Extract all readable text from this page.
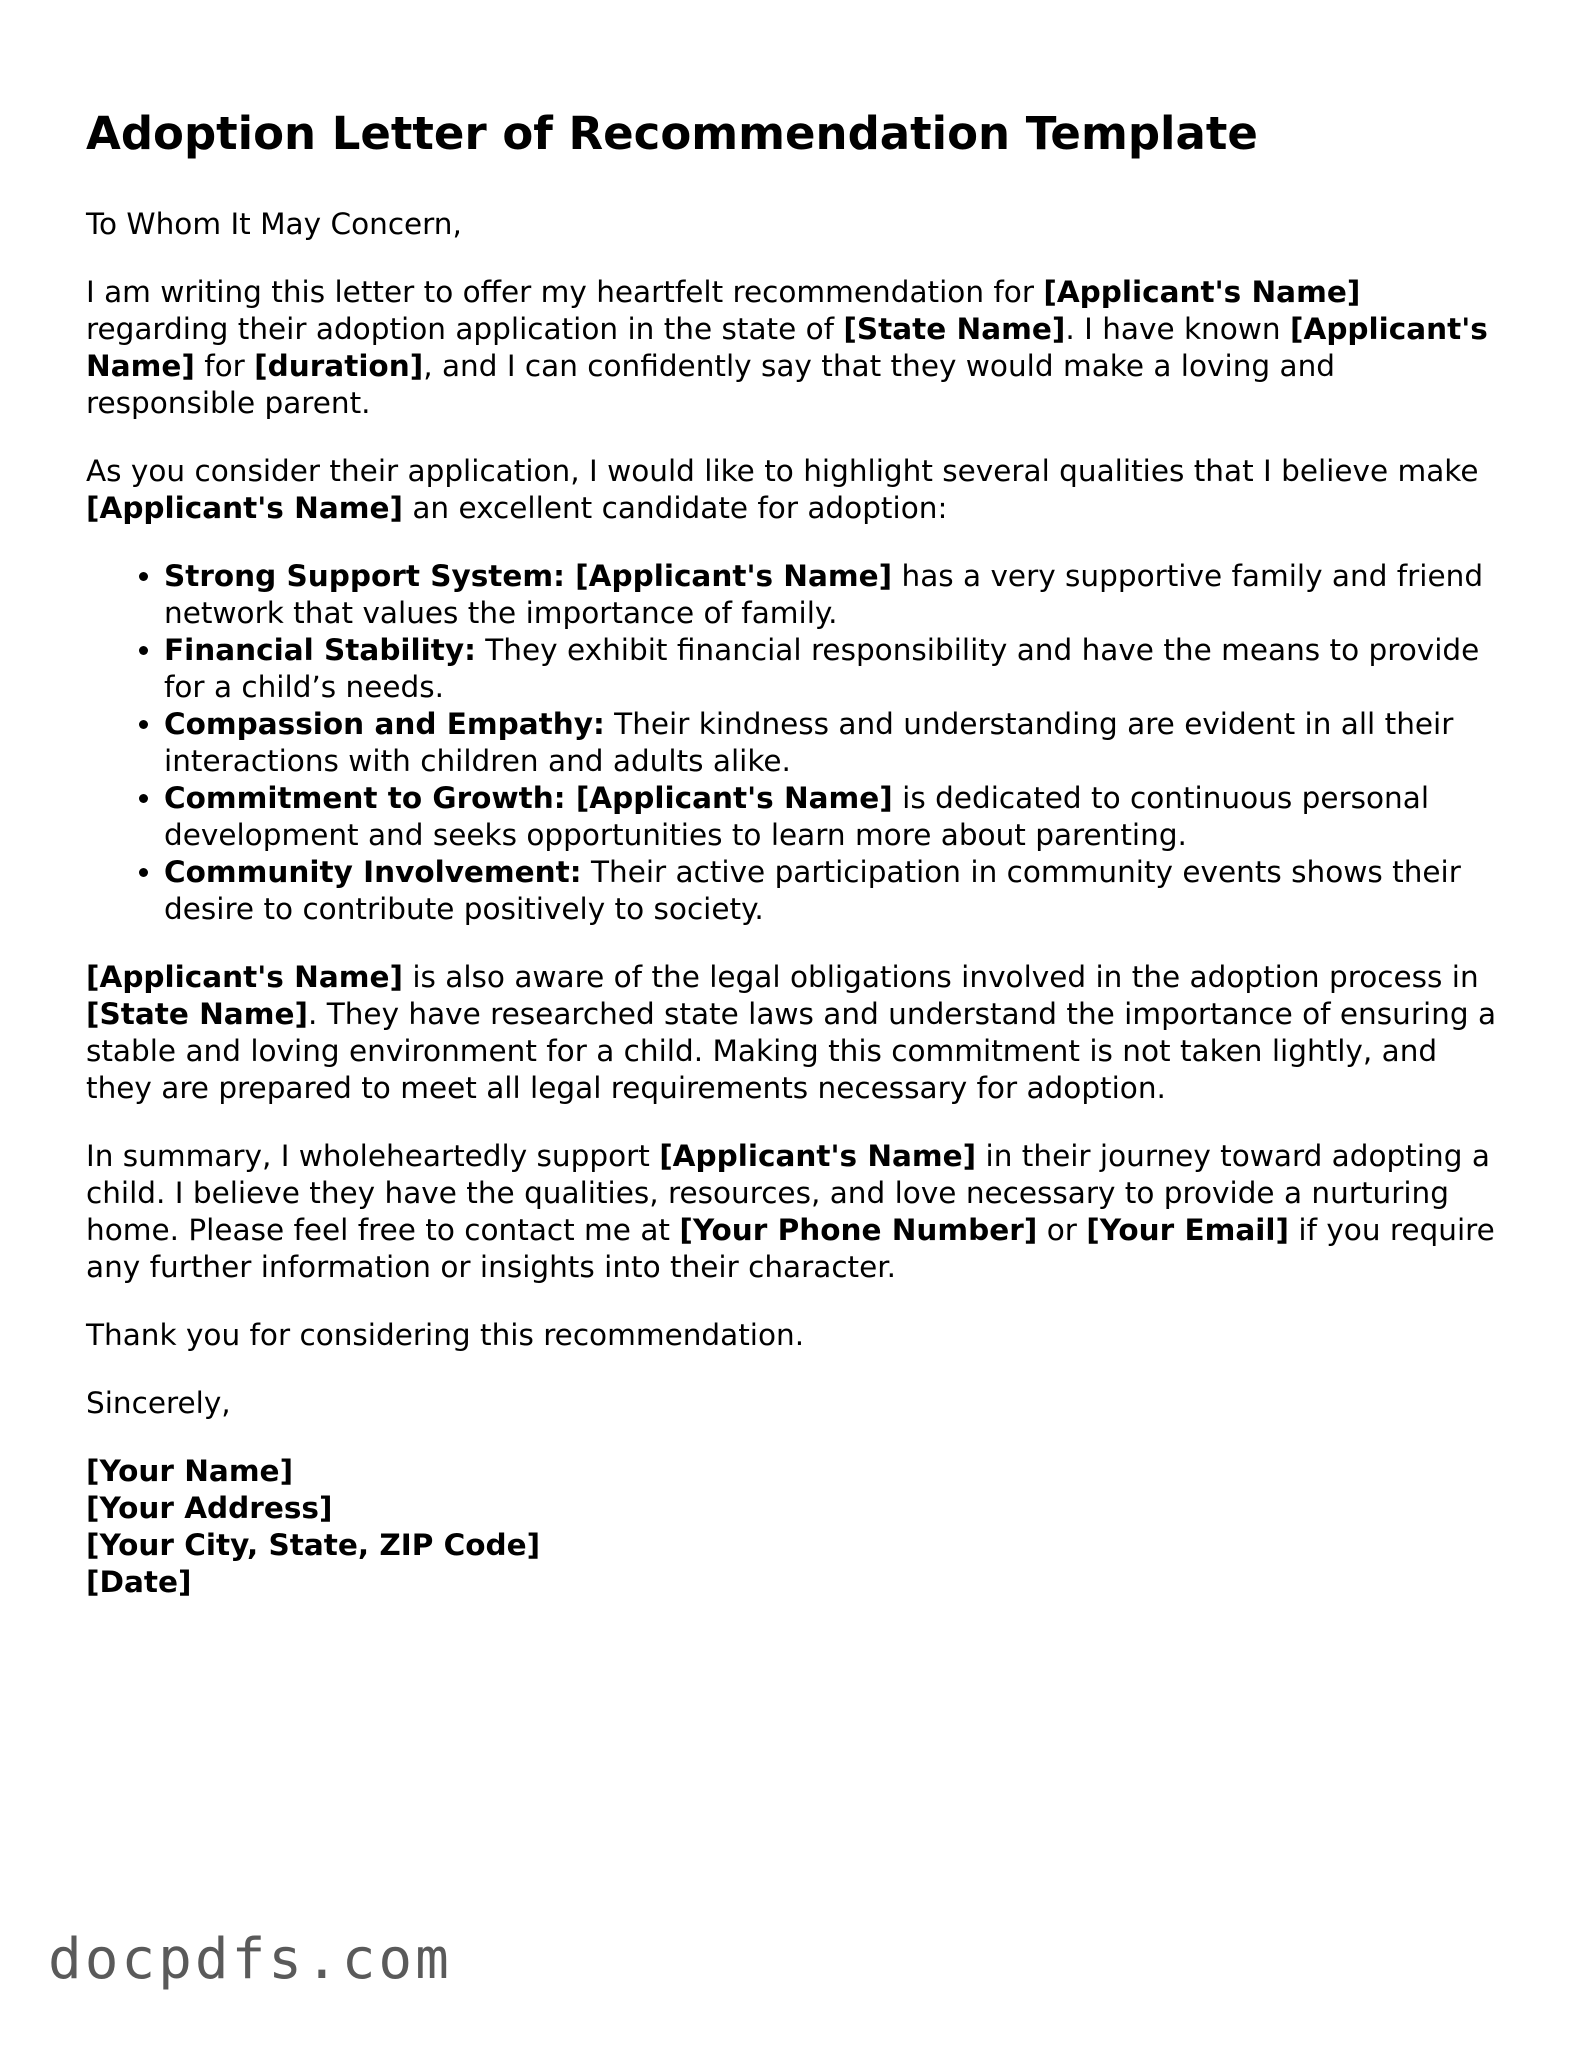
Adoption Letter of Recommendation Template

To Whom It May Concern,

I am writing this letter to offer my heartfelt recommendation for [Applicant's Name] regarding their adoption application in the state of [State Name]. I have known [Applicant's Name] for [duration], and I can confidently say that they would make a loving and responsible parent.

As you consider their application, I would like to highlight several qualities that I believe make [Applicant's Name] an excellent candidate for adoption:

• Strong Support System: [Applicant's Name] has a very supportive family and friend network that values the importance of family.
• Financial Stability: They exhibit financial responsibility and have the means to provide for a child’s needs.
• Compassion and Empathy: Their kindness and understanding are evident in all their interactions with children and adults alike.
• Commitment to Growth: [Applicant's Name] is dedicated to continuous personal development and seeks opportunities to learn more about parenting.
• Community Involvement: Their active participation in community events shows their desire to contribute positively to society.

[Applicant's Name] is also aware of the legal obligations involved in the adoption process in [State Name]. They have researched state laws and understand the importance of ensuring a stable and loving environment for a child. Making this commitment is not taken lightly, and they are prepared to meet all legal requirements necessary for adoption.

In summary, I wholeheartedly support [Applicant's Name] in their journey toward adopting a child. I believe they have the qualities, resources, and love necessary to provide a nurturing home. Please feel free to contact me at [Your Phone Number] or [Your Email] if you require any further information or insights into their character.

Thank you for considering this recommendation.

Sincerely,

[Your Name]
[Your Address]
[Your City, State, ZIP Code]
[Date]
docpdfs.com
